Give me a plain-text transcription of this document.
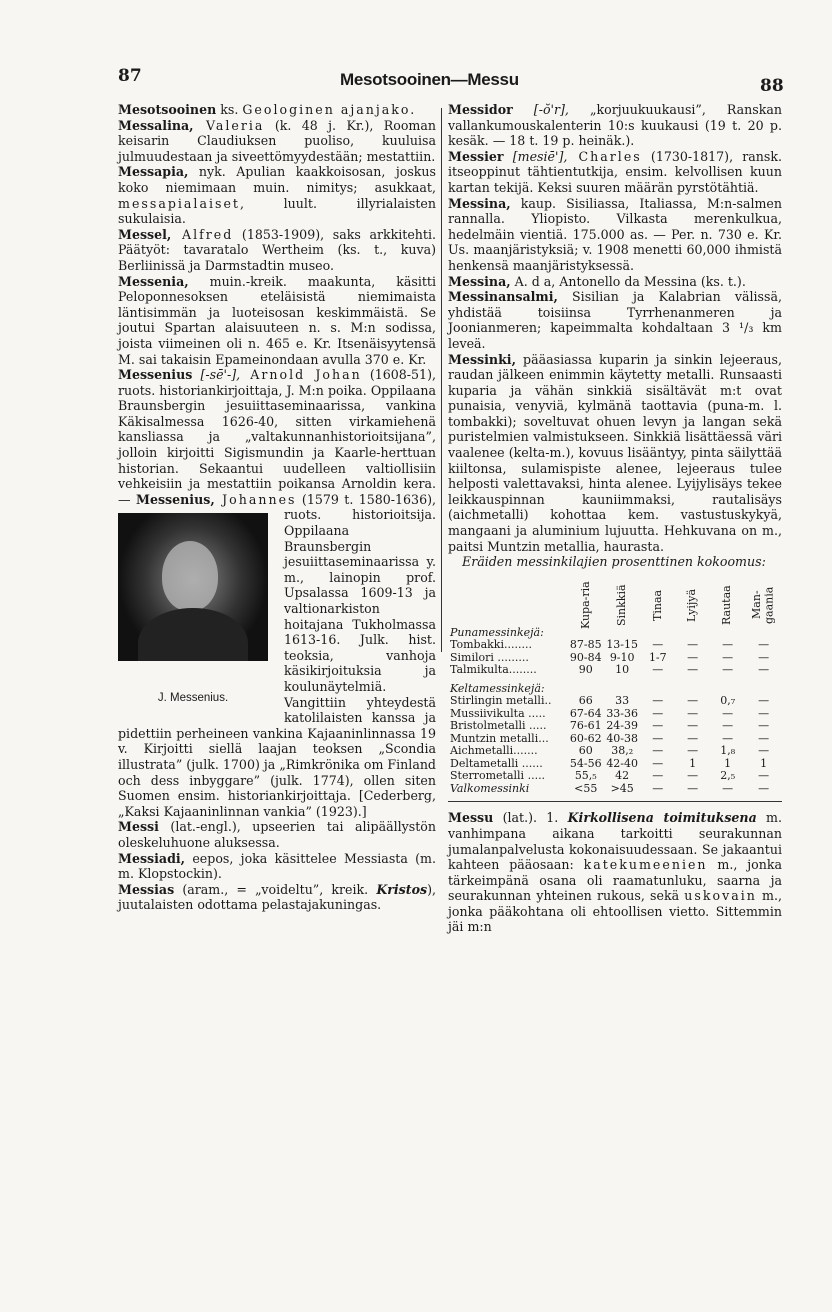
87	Mesotsooinen—Messu	88

Mesotsooinen ks. Geologinen ajanjako.

Messalina, Valeria (k. 48 j. Kr.), Rooman keisarin Claudiuksen puoliso, kuuluisa julmuudestaan ja siveettömyydestään; mestattiin.

Messapia, nyk. Apulian kaakkoisosan, joskus koko niemimaan muin. nimitys; asukkaat, messapialaiset, luult. illyrialaisten sukulaisia.

Messel, Alfred (1853-1909), saks arkkitehti. Päätyöt: tavaratalo Wertheim (ks. t., kuva) Berliinissä ja Darmstadtin museo.

Messenia, muin.-kreik. maakunta, käsitti Peloponnesoksen eteläisistä niemimaista läntisimmän ja luoteisosan keskimmäistä. Se joutui Spartan alaisuuteen n. s. M:n sodissa, joista viimeinen oli n. 465 e. Kr. Itsenäisyytensä M. sai takaisin Epameinondaan avulla 370 e. Kr.

Messenius [-sē'-], Arnold Johan (1608-51), ruots. historiankirjoittaja, J. M:n poika. Oppilaana Braunsbergin jesuiittaseminaarissa, vankina Käkisalmessa 1626-40, sitten virkamiehenä kansliassa ja „valtakunnanhistorioitsijana”, jolloin kirjoitti Sigismundin ja Kaarle-herttuan historian. Sekaantui uudelleen valtiollisiin vehkeisiin ja mestattiin poikansa Arnoldin kera. — Messenius, Johannes
J. Messenius.
(1579 t. 1580-1636), ruots. historioitsija. Oppilaana Braunsbergin jesuiittaseminaarissa y. m., lainopin prof. Upsalassa 1609-13 ja valtionarkiston hoitajana Tukholmassa 1613-16. Julk. hist. teoksia, vanhoja käsikirjoituksia ja koulunäytelmiä. Vangittiin yhteydestä katolilaisten kanssa ja pidettiin perheineen vankina Kajaaninlinnassa 19 v. Kirjoitti siellä laajan teoksen „Scondia illustrata” (julk. 1700) ja „Rimkrönika om Finland och dess inbyggare” (julk. 1774), ollen siten Suomen ensim. historiankirjoittaja. [Cederberg, „Kaksi Kajaaninlinnan vankia” (1923).]

Messi (lat.-engl.), upseerien tai alipäällystön oleskeluhuone aluksessa.

Messiadi, eepos, joka käsittelee Messiasta (m. m. Klopstockin).

Messias (aram., = „voideltu”, kreik. Kristos), juutalaisten odottama pelastajakuningas.

Messidor [-ŏ'r], „korjuukuukausi”, Ranskan vallankumouskalenterin 10:s kuukausi (19 t. 20 p. kesäk. — 18 t. 19 p. heinäk.).

Messier [mesiē'], Charles (1730-1817), ransk. itseoppinut tähtientutkija, ensim. kelvollisen kuun kartan tekijä. Keksi suuren määrän pyrstötähtiä.

Messina, kaup. Sisiliassa, Italiassa, M:n-salmen rannalla. Yliopisto. Vilkasta merenkulkua, hedelmäin vientiä. 175.000 as. — Per. n. 730 e. Kr. Us. maanjäristyksiä; v. 1908 menetti 60,000 ihmistä henkensä maanjäristyksessä.

Messina, A. d a, Antonello da Messina (ks. t.).

Messinansalmi, Sisilian ja Kalabrian välissä, yhdistää toisiinsa Tyrrhenanmeren ja Joonianmeren; kapeimmalta kohdaltaan 3 ¹/₃ km leveä.

Messinki, pääasiassa kuparin ja sinkin lejeeraus, raudan jälkeen enimmin käytetty metalli. Runsaasti kuparia ja vähän sinkkiä sisältävät m:t ovat punaisia, venyviä, kylmänä taottavia (puna-m. l. tombakki); soveltuvat ohuen levyn ja langan sekä puristelmien valmistukseen. Sinkkiä lisättäessä väri vaalenee (kelta-m.), kovuus lisääntyy, pinta säilyttää kiiltonsa, sulamispiste alenee, lejeeraus tulee helposti valettavaksi, hinta alenee. Lyijylisäys tekee leikkauspinnan kauniimmaksi, rautalisäys (aichmetalli) kohottaa kem. vastustuskykyä, mangaani ja aluminium lujuutta. Hehkuvana on m., paitsi Muntzin metallia, haurasta.

Eräiden messinkilajien prosenttinen kokoomus:

Punamessinkejä:	Kupa-ria	Sinkkiä	Tinaa	Lyijyä	Rautaa	Man-gaania
Tombakki........	87-85	13-15	—	—	—	—
Similori .........	90-84	9-10	1-7	—	—	—
Talmikulta........	90	10	—	—	—	—
Keltamessinkejä:						
Stirlingin metalli..	66	33	—	—	0,₇	—
Mussiivikulta .....	67-64	33-36	—	—	—	—
Bristolmetalli .....	76-61	24-39	—	—	—	—
Muntzin metalli...	60-62	40-38	—	—	—	—
Aichmetalli.......	60	38,₂	—	—	1,₈	—
Deltametalli ......	54-56	42-40	—	1	1	1
Sterrometalli .....	55,₅	42	—	—	2,₅	—
Valkomessinki	<55	>45	—	—	—	—

Messu (lat.). 1. Kirkollisena toimituksena m. vanhimpana aikana tarkoitti seurakunnan jumalanpalvelusta kokonaisuudessaan. Se jakaantui kahteen pääosaan: katekumeenien m., jonka tärkeimpänä osana oli raamatunluku, saarna ja seurakunnan yhteinen rukous, sekä uskovain m., jonka pääkohtana oli ehtoollisen vietto. Sittemmin jäi m:n
